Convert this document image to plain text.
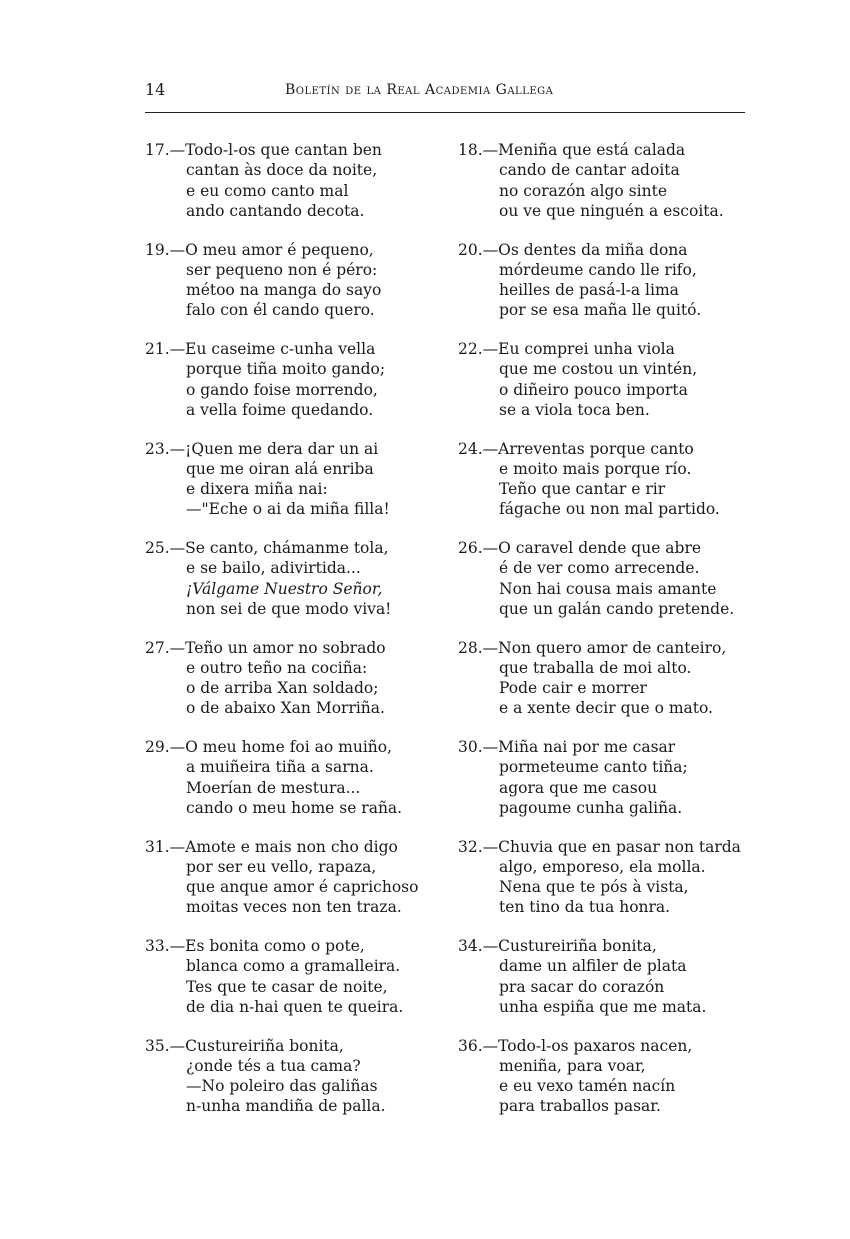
14	Boletín de la Real Academia Gallega
17.—Todo-l-os que cantan ben
cantan às doce da noite,
e eu como canto mal
ando cantando decota.
18.—Meniña que está calada
cando de cantar adoita
no corazón algo sinte
ou ve que ninguén a escoita.
19.—O meu amor é pequeno,
ser pequeno non é péro:
métoo na manga do sayo
falo con él cando quero.
20.—Os dentes da miña dona
mórdeume cando lle rifo,
heilles de pasá-l-a lima
por se esa maña lle quitó.
21.—Eu caseime c-unha vella
porque tiña moito gando;
o gando foise morrendo,
a vella foime quedando.
22.—Eu comprei unha viola
que me costou un vintén,
o diñeiro pouco importa
se a viola toca ben.
23.—¡Quen me dera dar un ai
que me oiran alá enriba
e dixera miña nai:
—"Eche o ai da miña filla!
24.—Arreventas porque canto
e moito mais porque río.
Teño que cantar e rir
fágache ou non mal partido.
25.—Se canto, chámanme tola,
e se bailo, adivirtida...
¡Válgame Nuestro Señor,
non sei de que modo viva!
26.—O caravel dende que abre
é de ver como arrecende.
Non hai cousa mais amante
que un galán cando pretende.
27.—Teño un amor no sobrado
e outro teño na cociña:
o de arriba Xan soldado;
o de abaixo Xan Morriña.
28.—Non quero amor de canteiro,
que traballa de moi alto.
Pode cair e morrer
e a xente decir que o mato.
29.—O meu home foi ao muiño,
a muiñeira tiña a sarna.
Moerían de mestura...
cando o meu home se raña.
30.—Miña nai por me casar
pormeteume canto tiña;
agora que me casou
pagoume cunha galiña.
31.—Amote e mais non cho digo
por ser eu vello, rapaza,
que anque amor é caprichoso
moitas veces non ten traza.
32.—Chuvia que en pasar non tarda
algo, emporeso, ela molla.
Nena que te pós à vista,
ten tino da tua honra.
33.—Es bonita como o pote,
blanca como a gramalleira.
Tes que te casar de noite,
de dia n-hai quen te queira.
34.—Custureiriña bonita,
dame un alfiler de plata
pra sacar do corazón
unha espiña que me mata.
35.—Custureiriña bonita,
¿onde tés a tua cama?
—No poleiro das galiñas
n-unha mandiña de palla.
36.—Todo-l-os paxaros nacen,
meniña, para voar,
e eu vexo tamén nacín
para traballos pasar.
